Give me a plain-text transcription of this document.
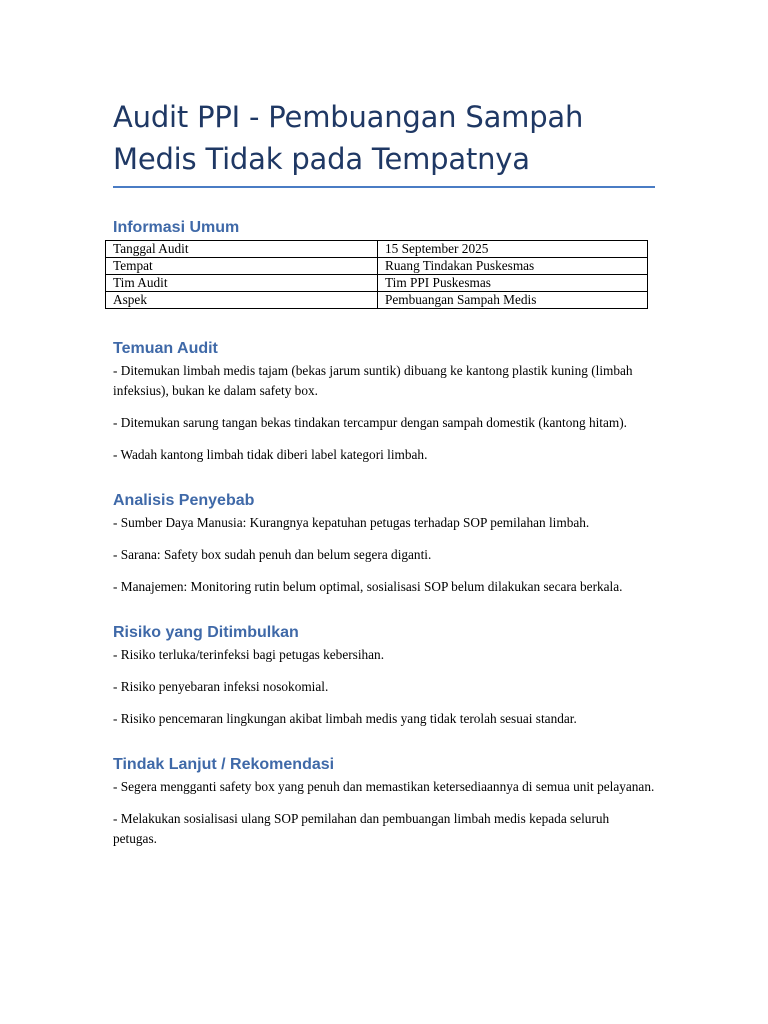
Audit PPI - Pembuangan Sampah Medis Tidak pada Tempatnya
Informasi Umum
Tanggal Audit	15 September 2025
Tempat	Ruang Tindakan Puskesmas
Tim Audit	Tim PPI Puskesmas
Aspek	Pembuangan Sampah Medis
Temuan Audit

- Ditemukan limbah medis tajam (bekas jarum suntik) dibuang ke kantong plastik kuning (limbah infeksius), bukan ke dalam safety box.

- Ditemukan sarung tangan bekas tindakan tercampur dengan sampah domestik (kantong hitam).

- Wadah kantong limbah tidak diberi label kategori limbah.

Analisis Penyebab

- Sumber Daya Manusia: Kurangnya kepatuhan petugas terhadap SOP pemilahan limbah.

- Sarana: Safety box sudah penuh dan belum segera diganti.

- Manajemen: Monitoring rutin belum optimal, sosialisasi SOP belum dilakukan secara berkala.

Risiko yang Ditimbulkan

- Risiko terluka/terinfeksi bagi petugas kebersihan.

- Risiko penyebaran infeksi nosokomial.

- Risiko pencemaran lingkungan akibat limbah medis yang tidak terolah sesuai standar.

Tindak Lanjut / Rekomendasi

- Segera mengganti safety box yang penuh dan memastikan ketersediaannya di semua unit pelayanan.

- Melakukan sosialisasi ulang SOP pemilahan dan pembuangan limbah medis kepada seluruh petugas.
